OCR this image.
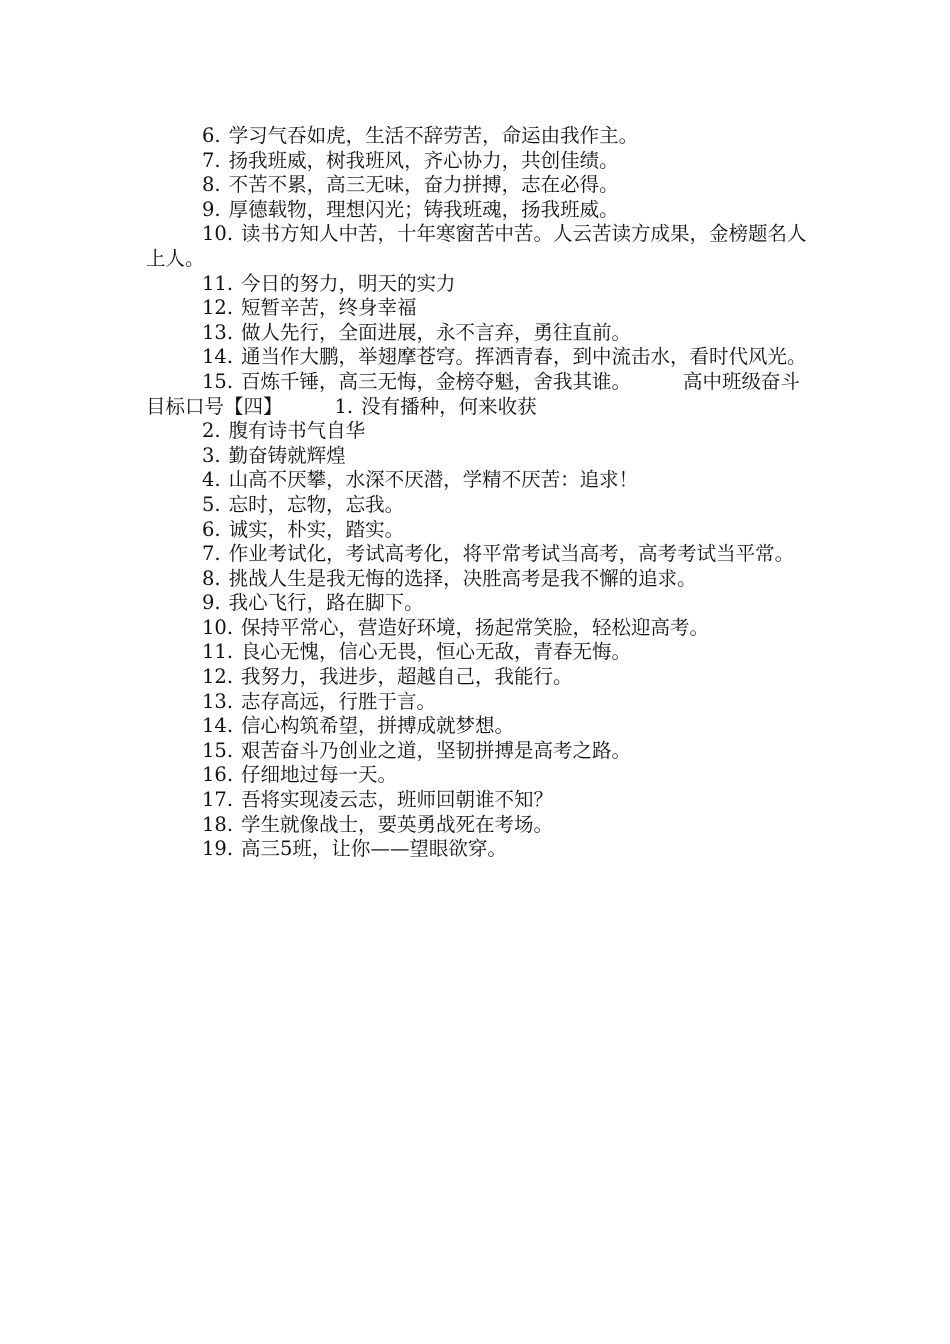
6. 学习气吞如虎，生活不辞劳苦，命运由我作主。

7. 扬我班威，树我班风，齐心协力，共创佳绩。

8. 不苦不累，高三无味，奋力拼搏，志在必得。

9. 厚德载物，理想闪光；铸我班魂，扬我班威。

10. 读书方知人中苦，十年寒窗苦中苦。人云苦读方成果，金榜题名人上人。

11. 今日的努力，明天的实力

12. 短暂辛苦，终身幸福

13. 做人先行，全面进展，永不言弃，勇往直前。

14. 通当作大鹏，举翅摩苍穹。挥洒青春，到中流击水，看时代风光。

15. 百炼千锤，高三无悔，金榜夺魁，舍我其谁。	高中班级奋斗目标口号【四】	1. 没有播种，何来收获

2. 腹有诗书气自华

3. 勤奋铸就辉煌

4. 山高不厌攀，水深不厌潜，学精不厌苦：追求！

5. 忘时，忘物，忘我。

6. 诚实，朴实，踏实。

7. 作业考试化，考试高考化，将平常考试当高考，高考考试当平常。

8. 挑战人生是我无悔的选择，决胜高考是我不懈的追求。

9. 我心飞行，路在脚下。

10. 保持平常心，营造好环境，扬起常笑脸，轻松迎高考。

11. 良心无愧，信心无畏，恒心无敌，青春无悔。

12. 我努力，我进步，超越自己，我能行。

13. 志存高远，行胜于言。

14. 信心构筑希望，拼搏成就梦想。

15. 艰苦奋斗乃创业之道，坚韧拼搏是高考之路。

16. 仔细地过每一天。

17. 吾将实现凌云志，班师回朝谁不知？

18. 学生就像战士，要英勇战死在考场。

19. 高三5班，让你——望眼欲穿。
